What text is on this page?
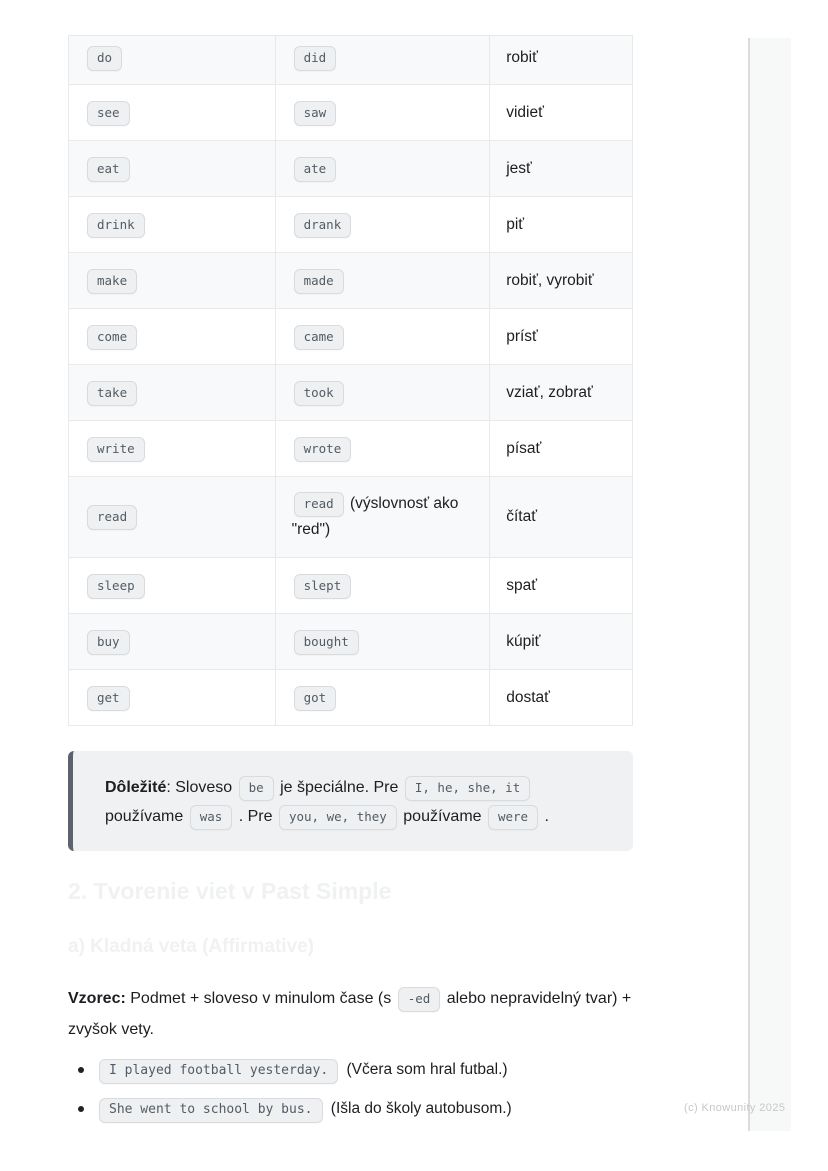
do	did	robiť
see	saw	vidieť
eat	ate	jesť
drink	drank	piť
make	made	robiť, vyrobiť
come	came	prísť
take	took	vziať, zobrať
write	wrote	písať
read	read (výslovnosť ako "red")	čítať
sleep	slept	spať
buy	bought	kúpiť
get	got	dostať

Dôležité: Sloveso be je špeciálne. Pre I, he, she, it používame was . Pre you, we, they používame were .

2. Tvorenie viet v Past Simple
a) Kladná veta (Affirmative)

Vzorec: Podmet + sloveso v minulom čase (s -ed alebo nepravidelný tvar) + zvyšok vety.

I played football yesterday. (Včera som hral futbal.)
She went to school by bus. (Išla do školy autobusom.)	(c) Knowunity 2025
